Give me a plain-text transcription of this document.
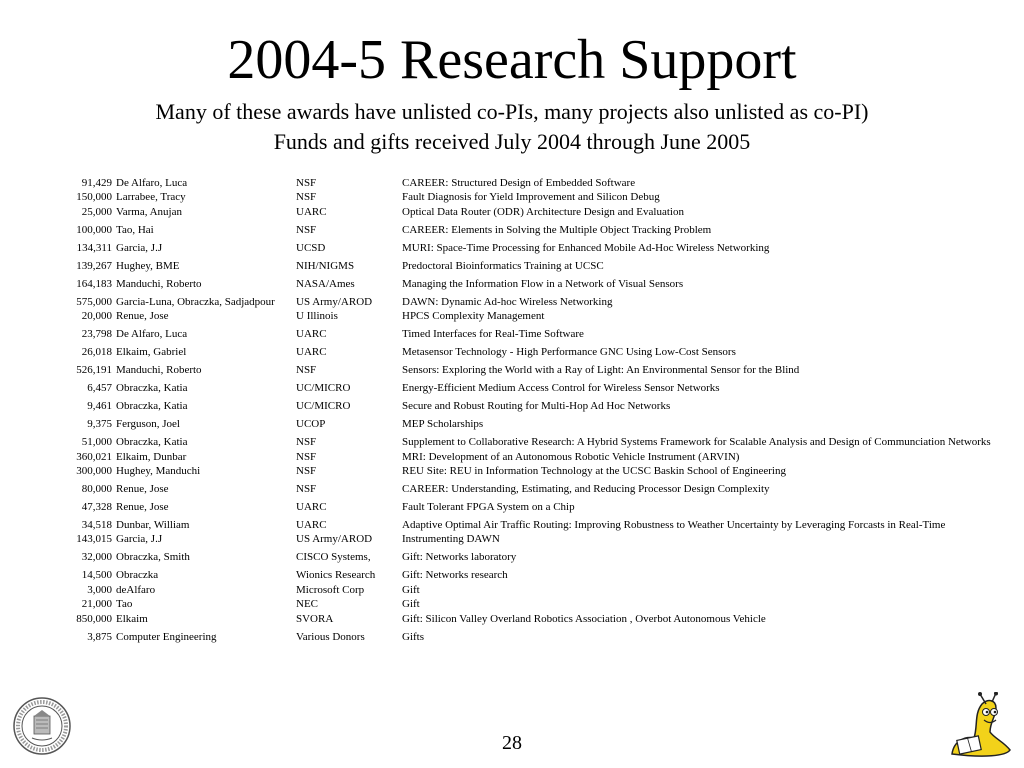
2004-5 Research Support
Many of these awards have unlisted co-PIs, many projects also unlisted as co-PI)
Funds and gifts received July 2004 through June 2005
91,429 De Alfaro, Luca	NSF	CAREER: Structured Design of Embedded Software
150,000 Larrabee, Tracy	NSF	Fault Diagnosis for Yield Improvement and Silicon Debug
25,000 Varma, Anujan	UARC	Optical Data Router (ODR) Architecture Design and Evaluation
100,000 Tao, Hai	NSF	CAREER: Elements in Solving the Multiple Object Tracking Problem
134,311 Garcia, J.J	UCSD	MURI: Space-Time Processing for Enhanced Mobile Ad-Hoc Wireless Networking
139,267 Hughey, BME	NIH/NIGMS	Predoctoral Bioinformatics Training at UCSC
164,183 Manduchi, Roberto	NASA/Ames	Managing the Information Flow in a Network of Visual Sensors
575,000 Garcia-Luna, Obraczka, Sadjadpour	US Army/AROD	DAWN: Dynamic Ad-hoc Wireless Networking
20,000 Renue, Jose	U Illinois	HPCS Complexity Management
23,798 De Alfaro, Luca	UARC	Timed Interfaces for Real-Time Software
26,018 Elkaim, Gabriel	UARC	Metasensor Technology - High Performance GNC Using Low-Cost Sensors
526,191 Manduchi, Roberto	NSF	Sensors: Exploring the World with a Ray of Light: An Environmental Sensor for the Blind
6,457 Obraczka, Katia	UC/MICRO	Energy-Efficient Medium Access Control for Wireless Sensor Networks
9,461 Obraczka, Katia	UC/MICRO	Secure and Robust Routing for Multi-Hop Ad Hoc Networks
9,375 Ferguson, Joel	UCOP	MEP Scholarships
51,000 Obraczka, Katia	NSF	Supplement to Collaborative Research: A Hybrid Systems Framework for Scalable Analysis and Design of Communciation Networks
360,021 Elkaim, Dunbar	NSF	MRI: Development of an Autonomous Robotic Vehicle Instrument (ARVIN)
300,000 Hughey, Manduchi	NSF	REU Site: REU in Information Technology at the UCSC Baskin School of Engineering
80,000 Renue, Jose	NSF	CAREER: Understanding, Estimating, and Reducing Processor Design Complexity
47,328 Renue, Jose	UARC	Fault Tolerant FPGA System on a Chip
34,518 Dunbar, William	UARC	Adaptive Optimal Air Traffic Routing: Improving Robustness to Weather Uncertainty by Leveraging Forcasts in Real-Time
143,015 Garcia, J.J	US Army/AROD	Instrumenting DAWN
32,000 Obraczka, Smith	CISCO Systems,	Gift: Networks laboratory
14,500 Obraczka	Wionics Research	Gift: Networks research
3,000 deAlfaro	Microsoft Corp	Gift
21,000 Tao	NEC	Gift
850,000 Elkaim	SVORA	Gift: Silicon Valley Overland Robotics Association , Overbot Autonomous Vehicle
3,875 Computer Engineering	Various Donors	Gifts
28
